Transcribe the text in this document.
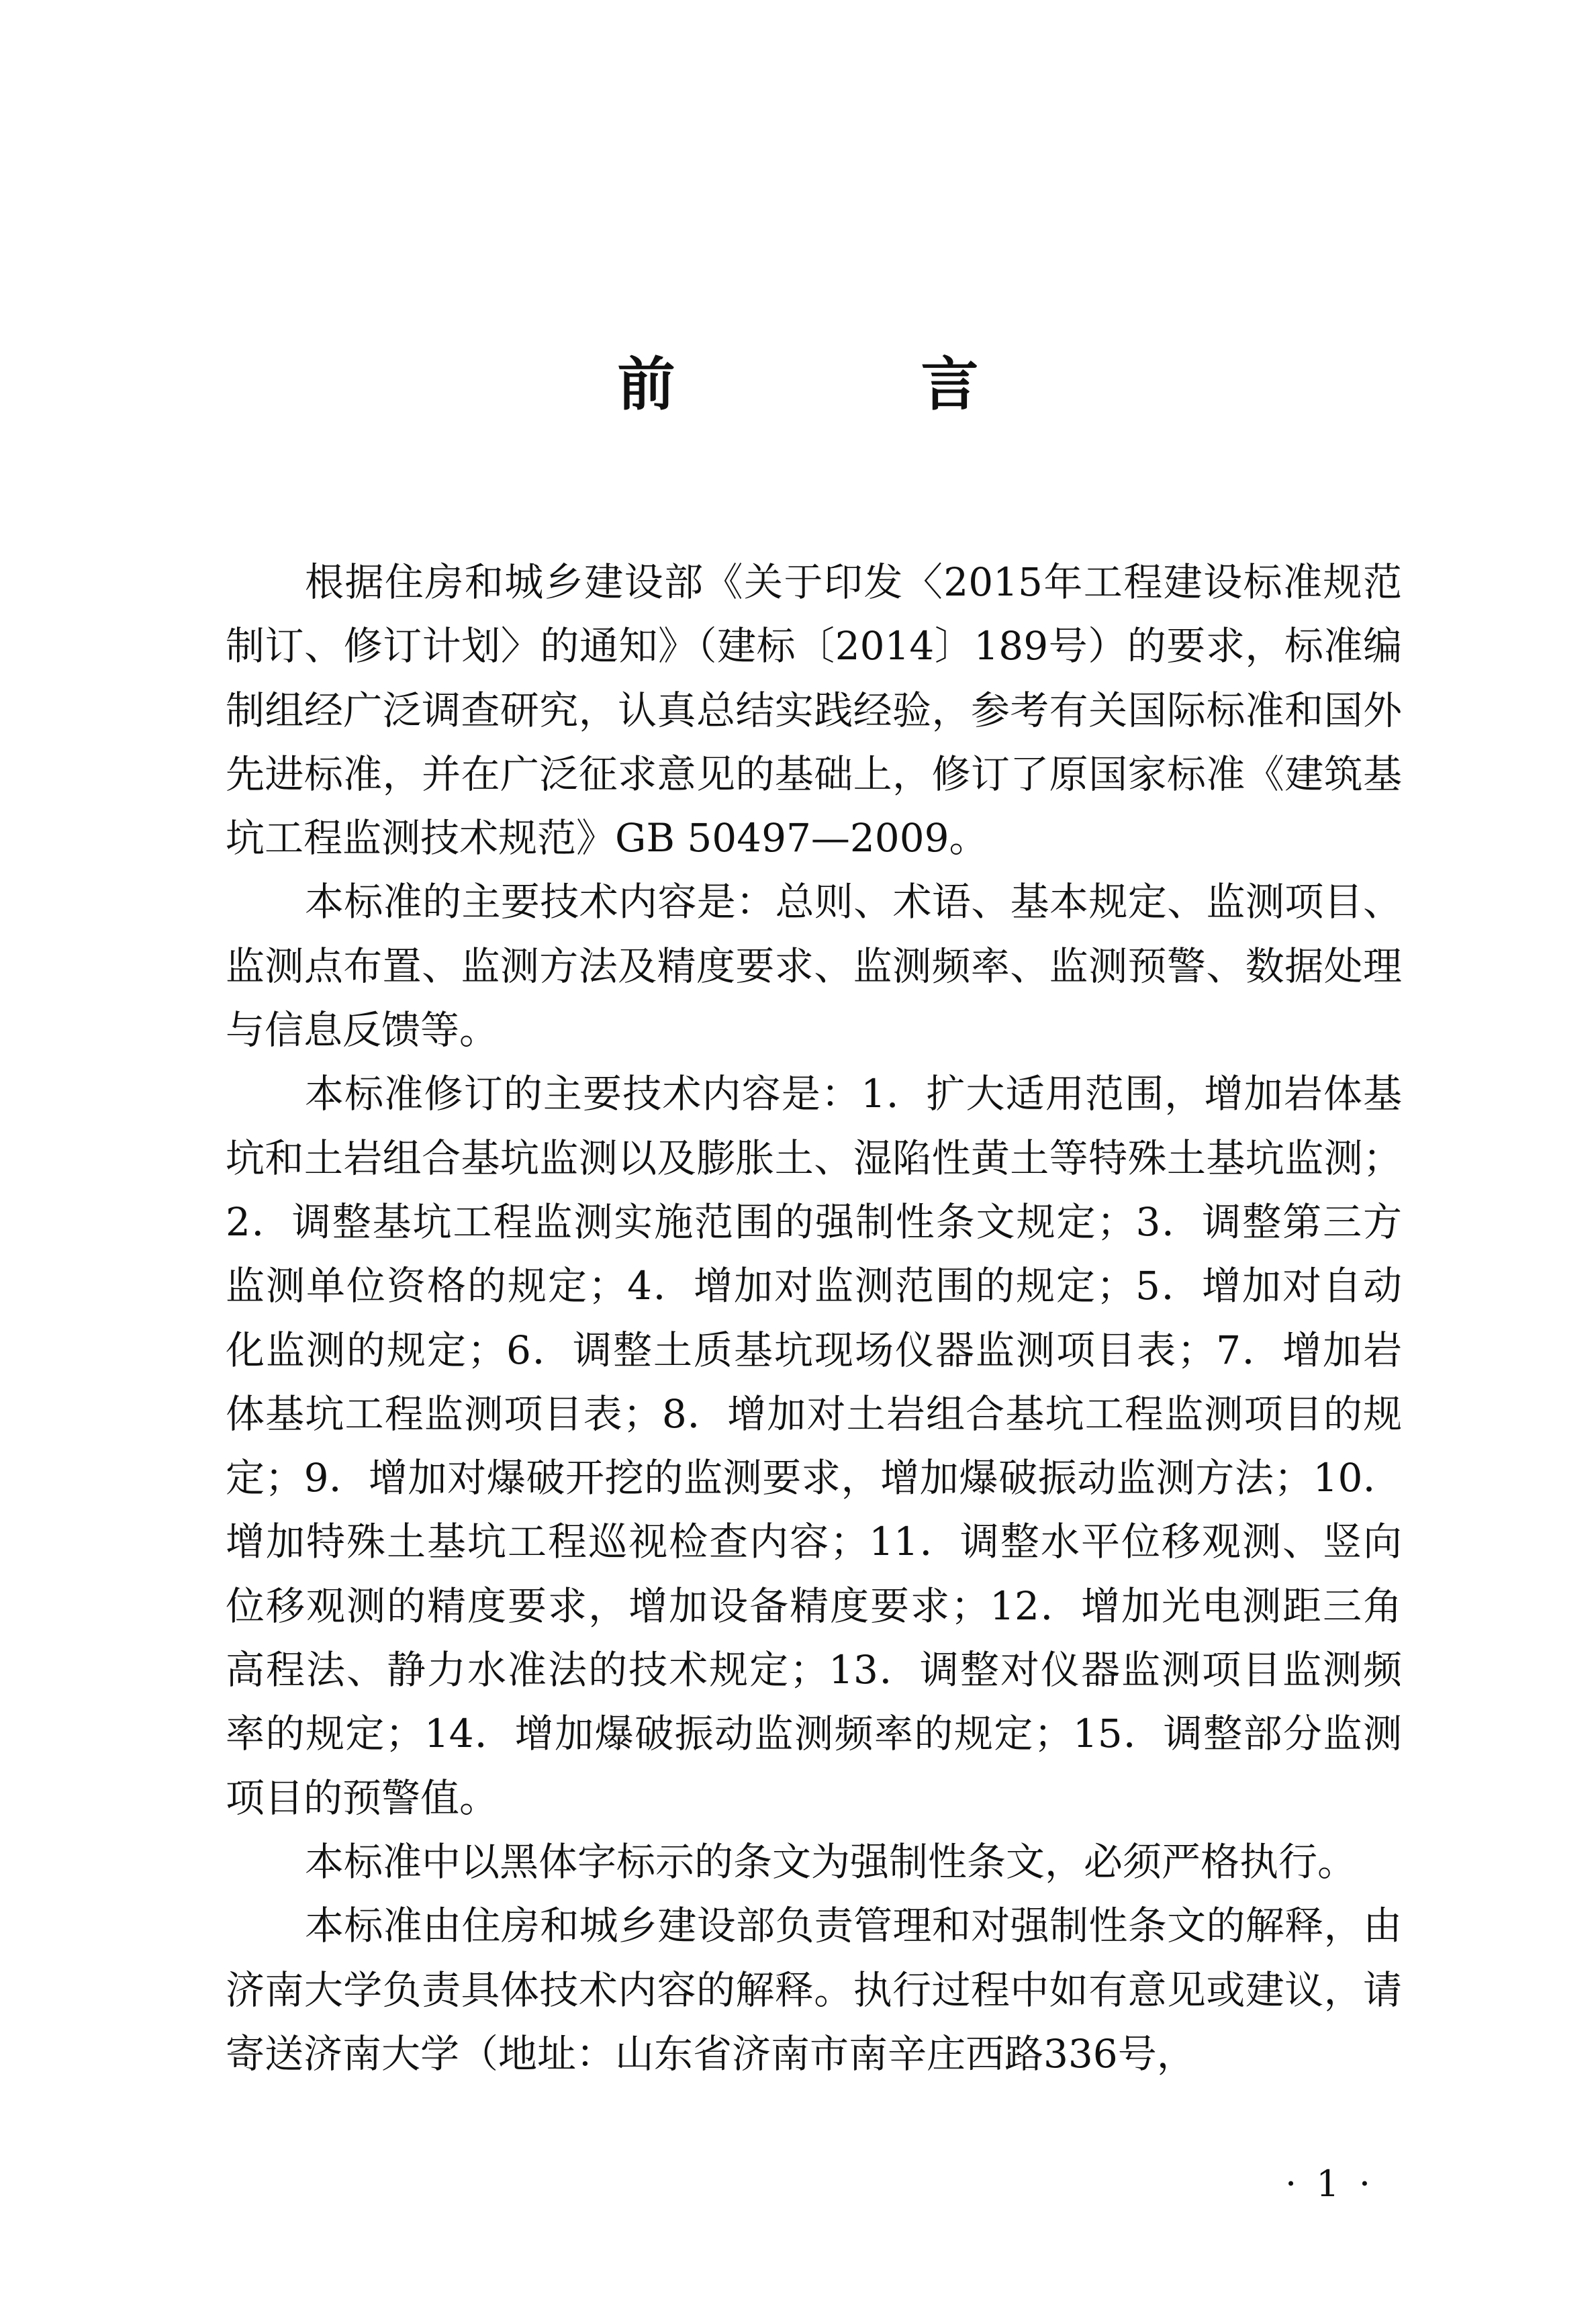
前　言

根据住房和城乡建设部《关于印发〈2015年工程建设标准规范制订、修订计划〉的通知》（建标〔2014〕189号）的要求，标准编制组经广泛调查研究，认真总结实践经验，参考有关国际标准和国外先进标准，并在广泛征求意见的基础上，修订了原国家标准《建筑基坑工程监测技术规范》GB 50497—2009。

本标准的主要技术内容是：总则、术语、基本规定、监测项目、监测点布置、监测方法及精度要求、监测频率、监测预警、数据处理与信息反馈等。

本标准修订的主要技术内容是：1．扩大适用范围，增加岩体基坑和土岩组合基坑监测以及膨胀土、湿陷性黄土等特殊土基坑监测；2．调整基坑工程监测实施范围的强制性条文规定；3．调整第三方监测单位资格的规定；4．增加对监测范围的规定；5．增加对自动化监测的规定；6．调整土质基坑现场仪器监测项目表；7．增加岩体基坑工程监测项目表；8．增加对土岩组合基坑工程监测项目的规定；9．增加对爆破开挖的监测要求，增加爆破振动监测方法；10．增加特殊土基坑工程巡视检查内容；11．调整水平位移观测、竖向位移观测的精度要求，增加设备精度要求；12．增加光电测距三角高程法、静力水准法的技术规定；13．调整对仪器监测项目监测频率的规定；14．增加爆破振动监测频率的规定；15．调整部分监测项目的预警值。

本标准中以黑体字标示的条文为强制性条文，必须严格执行。

本标准由住房和城乡建设部负责管理和对强制性条文的解释，由济南大学负责具体技术内容的解释。执行过程中如有意见或建议，请寄送济南大学（地址：山东省济南市南辛庄西路336号，

· 1 ·
